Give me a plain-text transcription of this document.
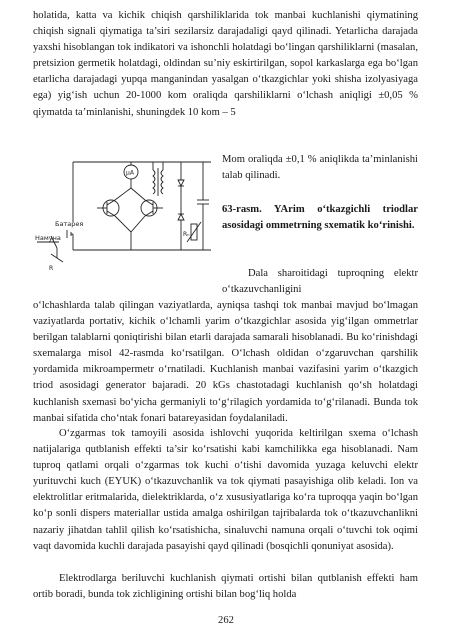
holatida, katta va kichik chiqish qarshiliklarida tok manbai kuchlanishi qiymatining chiqish signali qiymatiga ta’siri sezilarsiz darajadaligi qayd qilinadi. Yetarlicha darajada yaxshi hisoblangan tok indikatori va ishonchli holatdagi bo‘lingan qarshiliklarni (masalan, pretsizion germetik holatdagi, oldindan su’niy eskirtirilgan, sopol karkaslarga ega bo‘lgan etarlicha darajadagi yupqa manganindan yasalgan o‘tkazgichlar yoki shisha izolyasiyaga ega) yig‘ish uchun 20-1000 kom oraliqda qarshiliklarni o‘lchash aniqligi ±0,05 % qiymatda ta’minlanishi, shuningdek 10 kom – 5

Намуна
Батарея
μA
R
Rₙ
Mom oraliqda ±0,1 % aniqlikda ta’minlanishi talab qilinadi.
63-rasm. YArim o‘tkazgichli triodlar asosidagi ommetrning sxematik ko‘rinishi.
Dala sharoitidagi tuproqning elektr o‘tkazuvchanligini

o‘lchashlarda talab qilingan vaziyatlarda, ayniqsa tashqi tok manbai mavjud bo‘lmagan vaziyatlarda portativ, kichik o‘lchamli yarim o‘tkazgichlar asosida yig‘ilgan ommetrlar berilgan talablarni qoniqtirishi bilan etarli darajada samarali hisoblanadi. Bu ko‘rinishdagi sxemalarga misol 42-rasmda ko‘rsatilgan. O‘lchash oldidan o‘zgaruvchan qarshilik yordamida mikroampermetr o‘rnatiladi. Kuchlanish manbai vazifasini yarim o‘tkazgich triod asosidagi generator bajaradi. 20 kGs chastotadagi kuchlanish qo‘sh holatdagi kuchlanish sxemasi bo‘yicha germaniyli to‘g‘rilagich yordamida to‘g‘rilanadi. Bunda tok manbai sifatida cho‘ntak fonari batareyasidan foydalaniladi.

O‘zgarmas tok tamoyili asosida ishlovchi yuqorida keltirilgan sxema o‘lchash natijalariga qutblanish effekti ta’sir ko‘rsatishi kabi kamchilikka ega hisoblanadi. Nam tuproq qatlami orqali o‘zgarmas tok kuchi o‘tishi davomida yuzaga keluvchi elektr yurituvchi kuch (EYUK) o‘tkazuvchanlik va tok qiymati pasayishiga olib keladi. Ion va elektrolitlar eritmalarida, dielektriklarda, o‘z xususiyatlariga ko‘ra tuproqqa yaqin bo‘lgan ko‘p sonli dispers materiallar ustida amalga oshirilgan tajribalarda tok o‘tkazuvchanlikni nazariy jihatdan tahlil qilish ko‘rsatishicha, sinaluvchi namuna orqali o‘tuvchi tok oqimi vaqt davomida kuchli darajada pasayishi qayd qilinadi (bosqichli qonuniyat asosida).

Elektrodlarga beriluvchi kuchlanish qiymati ortishi bilan qutblanish effekti ham ortib boradi, bunda tok zichligining ortishi bilan bog‘liq holda

262
